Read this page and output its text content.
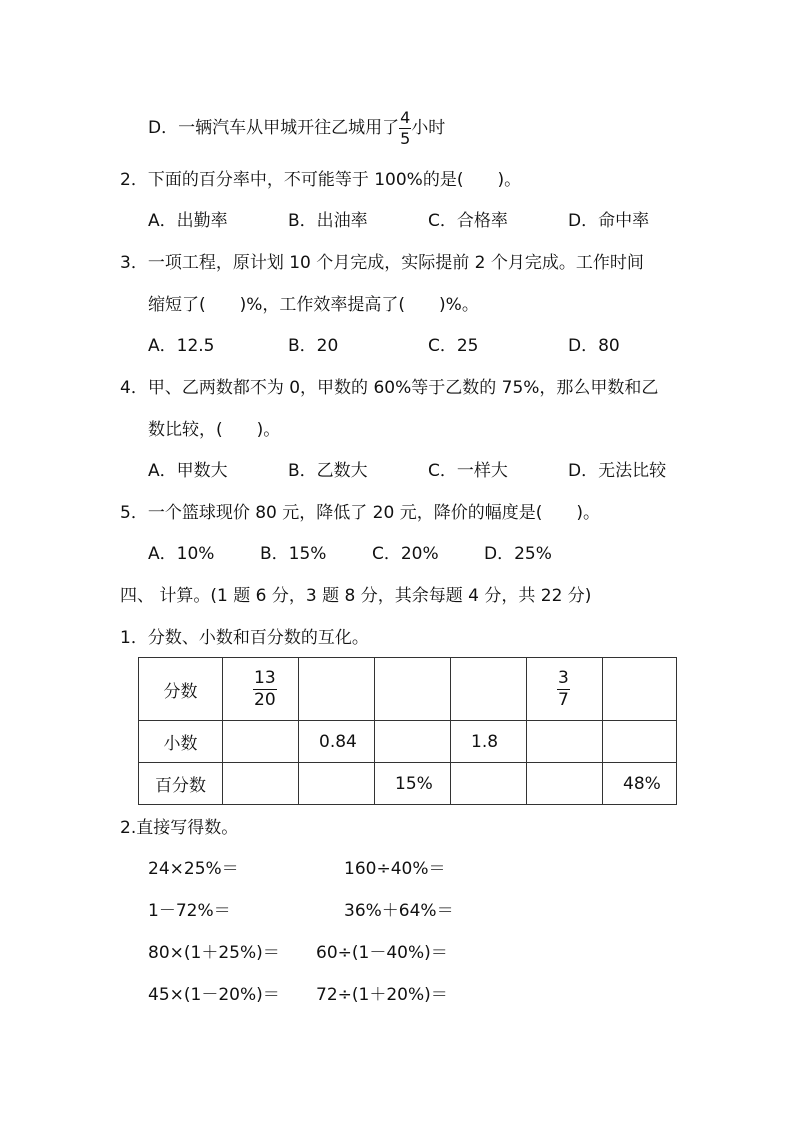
D．一辆汽车从甲城开往乙城用了 $\frac{4}{5}$ 小时
2．下面的百分率中，不可能等于 100%的是(　　)。
A．出勤率	B．出油率	C．合格率	D．命中率
3．一项工程，原计划 10 个月完成，实际提前 2 个月完成。工作时间
缩短了(　　)%，工作效率提高了(　　)%。
A．12.5	B．20	C．25	D．80
4．甲、乙两数都不为 0，甲数的 60%等于乙数的 75%，那么甲数和乙
数比较，(　　)。
A．甲数大	B．乙数大	C．一样大	D．无法比较
5．一个篮球现价 80 元，降低了 20 元，降价的幅度是(　　)。
A．10%	B．15%	C．20%	D．25%
四、 计算。(1 题 6 分，3 题 8 分，其余每题 4 分，共 22 分)
1．分数、小数和百分数的互化。
分数	$\frac{13}{20}$				$\frac{3}{7}$

小数		0.84		1.8		
百分数			15%			48%
2.直接写得数。
24×25%＝	160÷40%＝
1－72%＝	36%＋64%＝
80×(1＋25%)＝ 60÷(1－40%)＝
45×(1－20%)＝ 72÷(1＋20%)＝
